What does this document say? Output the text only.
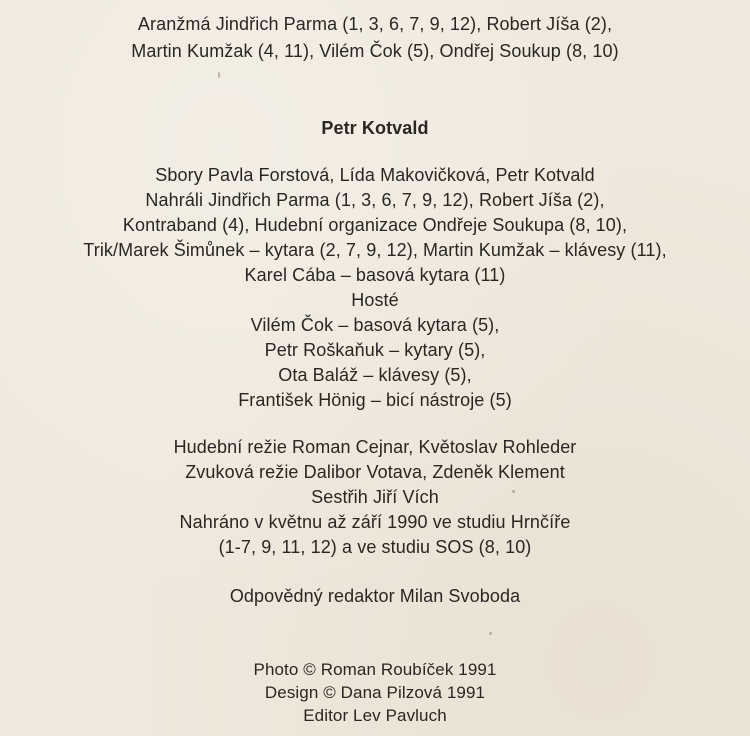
Aranžmá Jindřich Parma (1, 3, 6, 7, 9, 12), Robert Jíša (2),
Martin Kumžak (4, 11), Vilém Čok (5), Ondřej Soukup (8, 10)
Petr Kotvald
Sbory Pavla Forstová, Lída Makovičková, Petr Kotvald
Nahráli Jindřich Parma (1, 3, 6, 7, 9, 12), Robert Jíša (2),
Kontraband (4), Hudební organizace Ondřeje Soukupa (8, 10),
Trik/Marek Šimůnek – kytara (2, 7, 9, 12), Martin Kumžak – klávesy (11),
Karel Cába – basová kytara (11)
Hosté
Vilém Čok – basová kytara (5),
Petr Roškaňuk – kytary (5),
Ota Baláž – klávesy (5),
František Hönig – bicí nástroje (5)
Hudební režie Roman Cejnar, Květoslav Rohleder
Zvuková režie Dalibor Votava, Zdeněk Klement
Sestřih Jiří Vích
Nahráno v květnu až září 1990 ve studiu Hrnčíře
(1-7, 9, 11, 12) a ve studiu SOS (8, 10)
Odpovědný redaktor Milan Svoboda
Photo © Roman Roubíček 1991
Design © Dana Pilzová 1991
Editor Lev Pavluch
